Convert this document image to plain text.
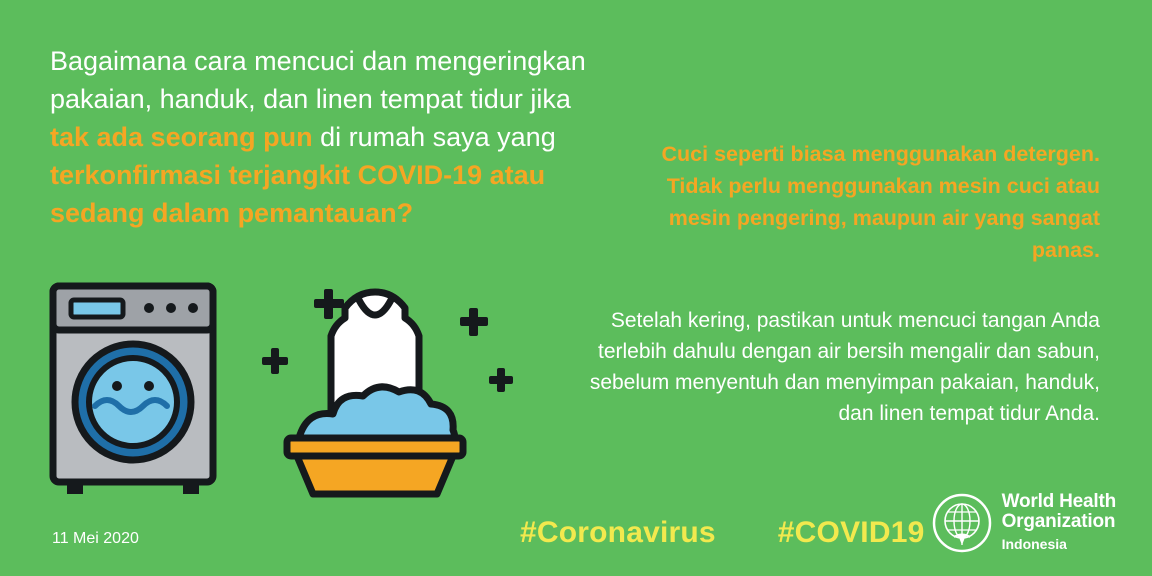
Bagaimana cara mencuci dan mengeringkan pakaian, handuk, dan linen tempat tidur jika tak ada seorang pun di rumah saya yang terkonfirmasi terjangkit COVID-19 atau sedang dalam pemantauan?
Cuci seperti biasa menggunakan detergen. Tidak perlu menggunakan mesin cuci atau mesin pengering, maupun air yang sangat panas.
Setelah kering, pastikan untuk mencuci tangan Anda terlebih dahulu dengan air bersih mengalir dan sabun, sebelum menyentuh dan menyimpan pakaian, handuk, dan linen tempat tidur Anda.
11 Mei 2020	#Coronavirus #COVID19
World Health
Organization
Indonesia
